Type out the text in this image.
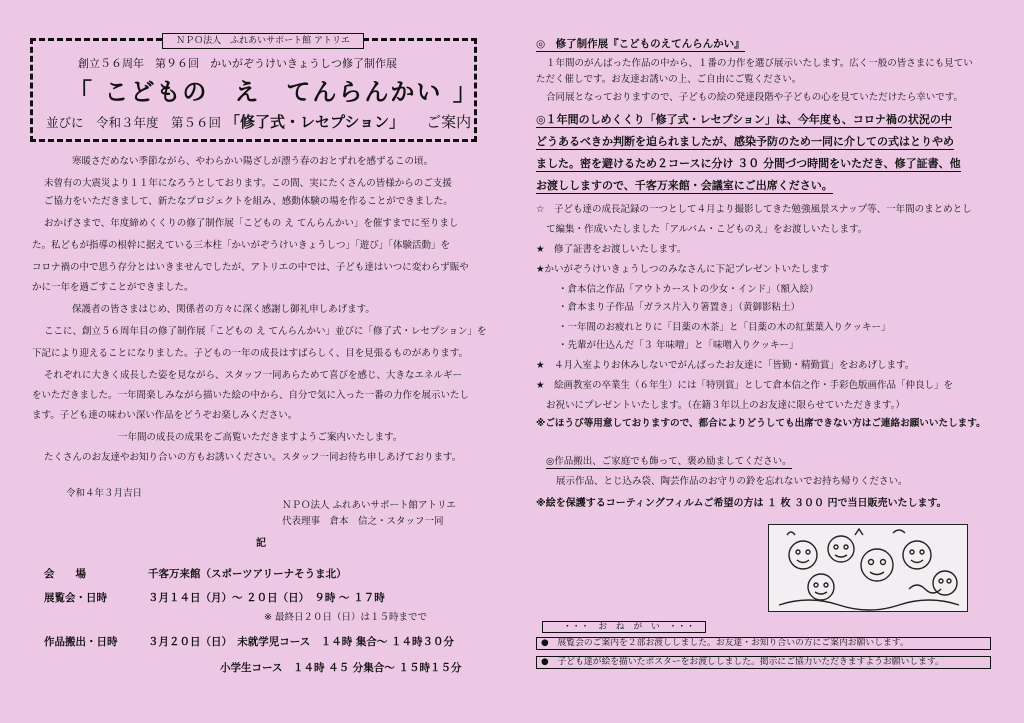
ＮＰＯ法人　ふれあいサポート館 アトリエ
創立５６周年　第９６回　かいがぞうけいきょうしつ修了制作展
「 こどもの　え　てんらんかい 」
並びに　令和３年度　第５６回 「修了式・レセプション」 ご案内
寒暖さだめない季節ながら、やわらかい陽ざしが漂う春のおとずれを感ずるこの頃。
未曾有の大震災より１１年になろうとしております。この間、実にたくさんの皆様からのご支援
ご協力をいただきまして、新たなプロジェクトを組み、感動体験の場を作ることができました。
おかげさまで、年度締めくくりの修了制作展「こどもの え てんらんかい」を催すまでに至りまし
た。私どもが指導の根幹に据えている三本柱「かいがぞうけいきょうしつ」「遊び」「体験活動」を
コロナ禍の中で思う存分とはいきませんでしたが、アトリエの中では、子ども達はいつに変わらず賑や
かに一年を過ごすことができました。
保護者の皆さまはじめ、関係者の方々に深く感謝し御礼申しあげます。
ここに、創立５６周年目の修了制作展「こどもの え てんらんかい」並びに「修了式・レセプション」を
下記により迎えることになりました。子どもの一年の成長はすばらしく、目を見張るものがあります。
それぞれに大きく成長した姿を見ながら、スタッフ一同あらためて喜びを感じ、大きなエネルギー
をいただきました。一年間楽しみながら描いた絵の中から、自分で気に入った一番の力作を展示いたし
ます。子ども達の味わい深い作品をどうぞお楽しみください。
一年間の成長の成果をご高覧いただきますようご案内いたします。
たくさんのお友達やお知り合いの方もお誘いください。スタッフ一同お待ち申しあげております。
令和４年３月吉日
ＮＰＯ法人 ふれあいサポート館アトリエ
代表理事　倉本　信之・スタッフ一同
記
会　　場	千客万来館（スポーツアリーナそうま北）
展覧会・日時	３月１４日（月）～ ２０日（日）　９時 ～ １７時
※ 最終日２０日（日）は１５時までで
作品搬出・日時	３月２０日（日）　未就学児コース　１４時 集合～ １４時３０分
小学生コース　１４時 ４５ 分集合～ １５時１５分
◎　修了制作展『こどものえてんらんかい』
１年間のがんばった作品の中から、１番の力作を選び展示いたします。広く一般の皆さまにも見てい
ただく催しです。お友達お誘いの上、ご自由にご覧ください。
合同展となっておりますので、子どもの絵の発達段階や子どもの心を見ていただけたら幸いです。
◎１年間のしめくくり「修了式・レセプション」は、今年度も、コロナ禍の状況の中
どうあるべきか判断を迫られましたが、感染予防のため一同に介しての式はとりやめ
ました。密を避けるため２コースに分け ３０ 分間づつ時間をいただき、修了証書、他
お渡ししますので、千客万来館・会議室にご出席ください。
☆　子ども達の成長記録の一つとして４月より撮影してきた勉強風景スナップ等、一年間のまとめとし
て編集・作成いたしました「アルバム・こどものえ」をお渡しいたします。
★　修了証書をお渡しいたします。
★かいがぞうけいきょうしつのみなさんに下記プレゼントいたします
・倉本信之作品「アウトカーストの少女・インド」（額入絵）
・倉本まり子作品「ガラス片入り箸置き」（黄御影粘土）
・一年間のお疲れとりに「目薬の木茶」と「目薬の木の紅葉葉入りクッキー」
・先輩が仕込んだ「３ 年味噌」と「味噌入りクッキー」
★　４月入室よりお休みしないでがんばったお友達に「皆勤・精勤賞」をおあげします。
★　絵画教室の卒業生（６年生）には「特別賞」として倉本信之作・手彩色版画作品「仲良し」を
お祝いにプレゼントいたします。（在籍３年以上のお友達に限らせていただきます。）
※ごほうび等用意しておりますので、都合によりどうしても出席できない方はご連絡お願いいたします。
◎作品搬出、ご家庭でも飾って、褒め励ましてください。
展示作品、とじ込み袋、陶芸作品のお守りの鈴を忘れないでお持ち帰りください。
※絵を保護するコーティングフィルムご希望の方は １ 枚 ３００ 円で当日販売いたします。
・・・　お　ね　が　い　・・・
●　展覧会のご案内を２部お渡ししました。お友達・お知り合いの方にご案内お願いします。
●　子ども達が絵を描いたポスターをお渡ししました。掲示にご協力いただきますようお願いします。
